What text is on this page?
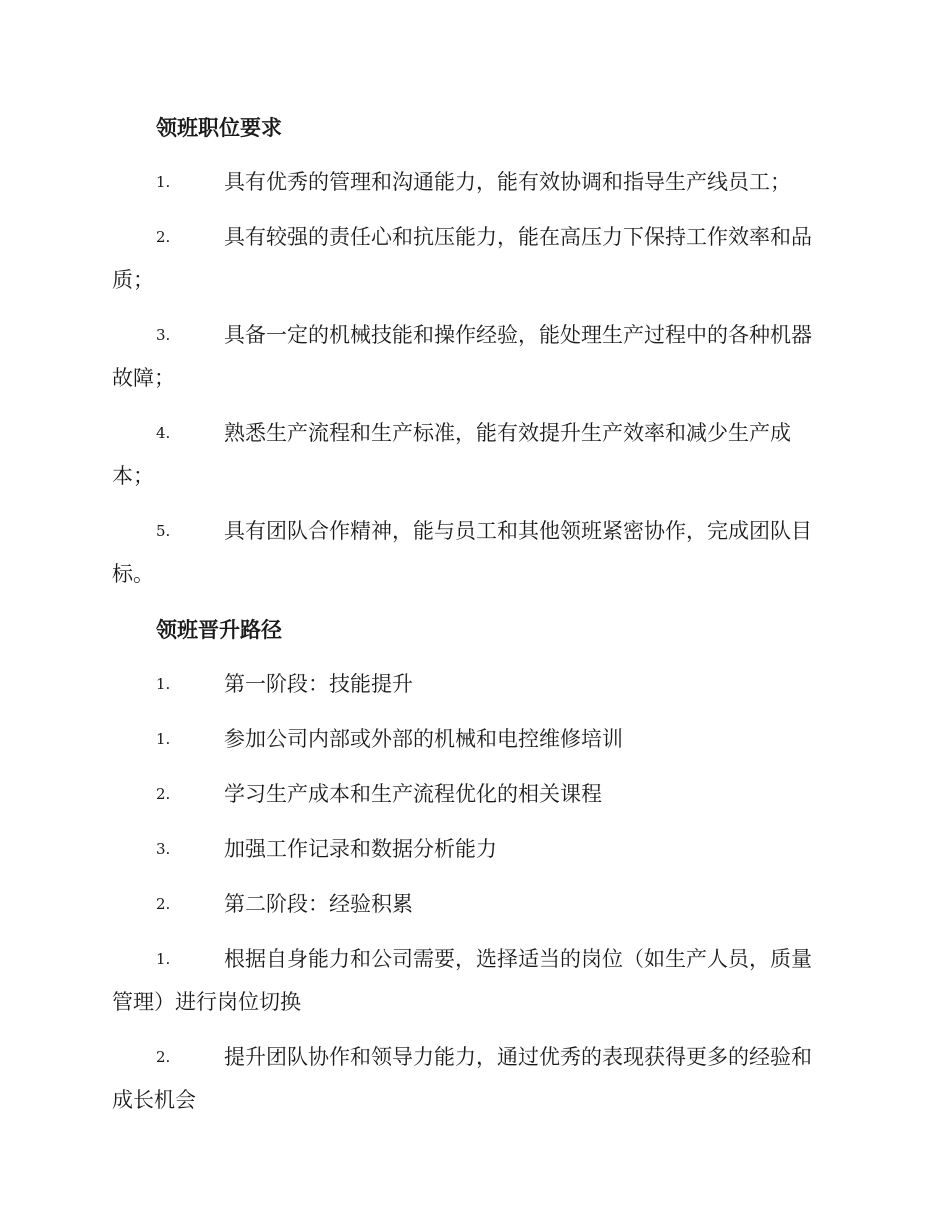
领班职位要求
1.	具有优秀的管理和沟通能力，能有效协调和指导生产线员工；
2.	具有较强的责任心和抗压能力，能在高压力下保持工作效率和品
质；
3.	具备一定的机械技能和操作经验，能处理生产过程中的各种机器
故障；
4.	熟悉生产流程和生产标准，能有效提升生产效率和减少生产成
本；
5.	具有团队合作精神，能与员工和其他领班紧密协作，完成团队目
标。
领班晋升路径
1.	第一阶段：技能提升
1.	参加公司内部或外部的机械和电控维修培训
2.	学习生产成本和生产流程优化的相关课程
3.	加强工作记录和数据分析能力
2.	第二阶段：经验积累
1.	根据自身能力和公司需要，选择适当的岗位（如生产人员，质量
管理）进行岗位切换
2.	提升团队协作和领导力能力，通过优秀的表现获得更多的经验和
成长机会
